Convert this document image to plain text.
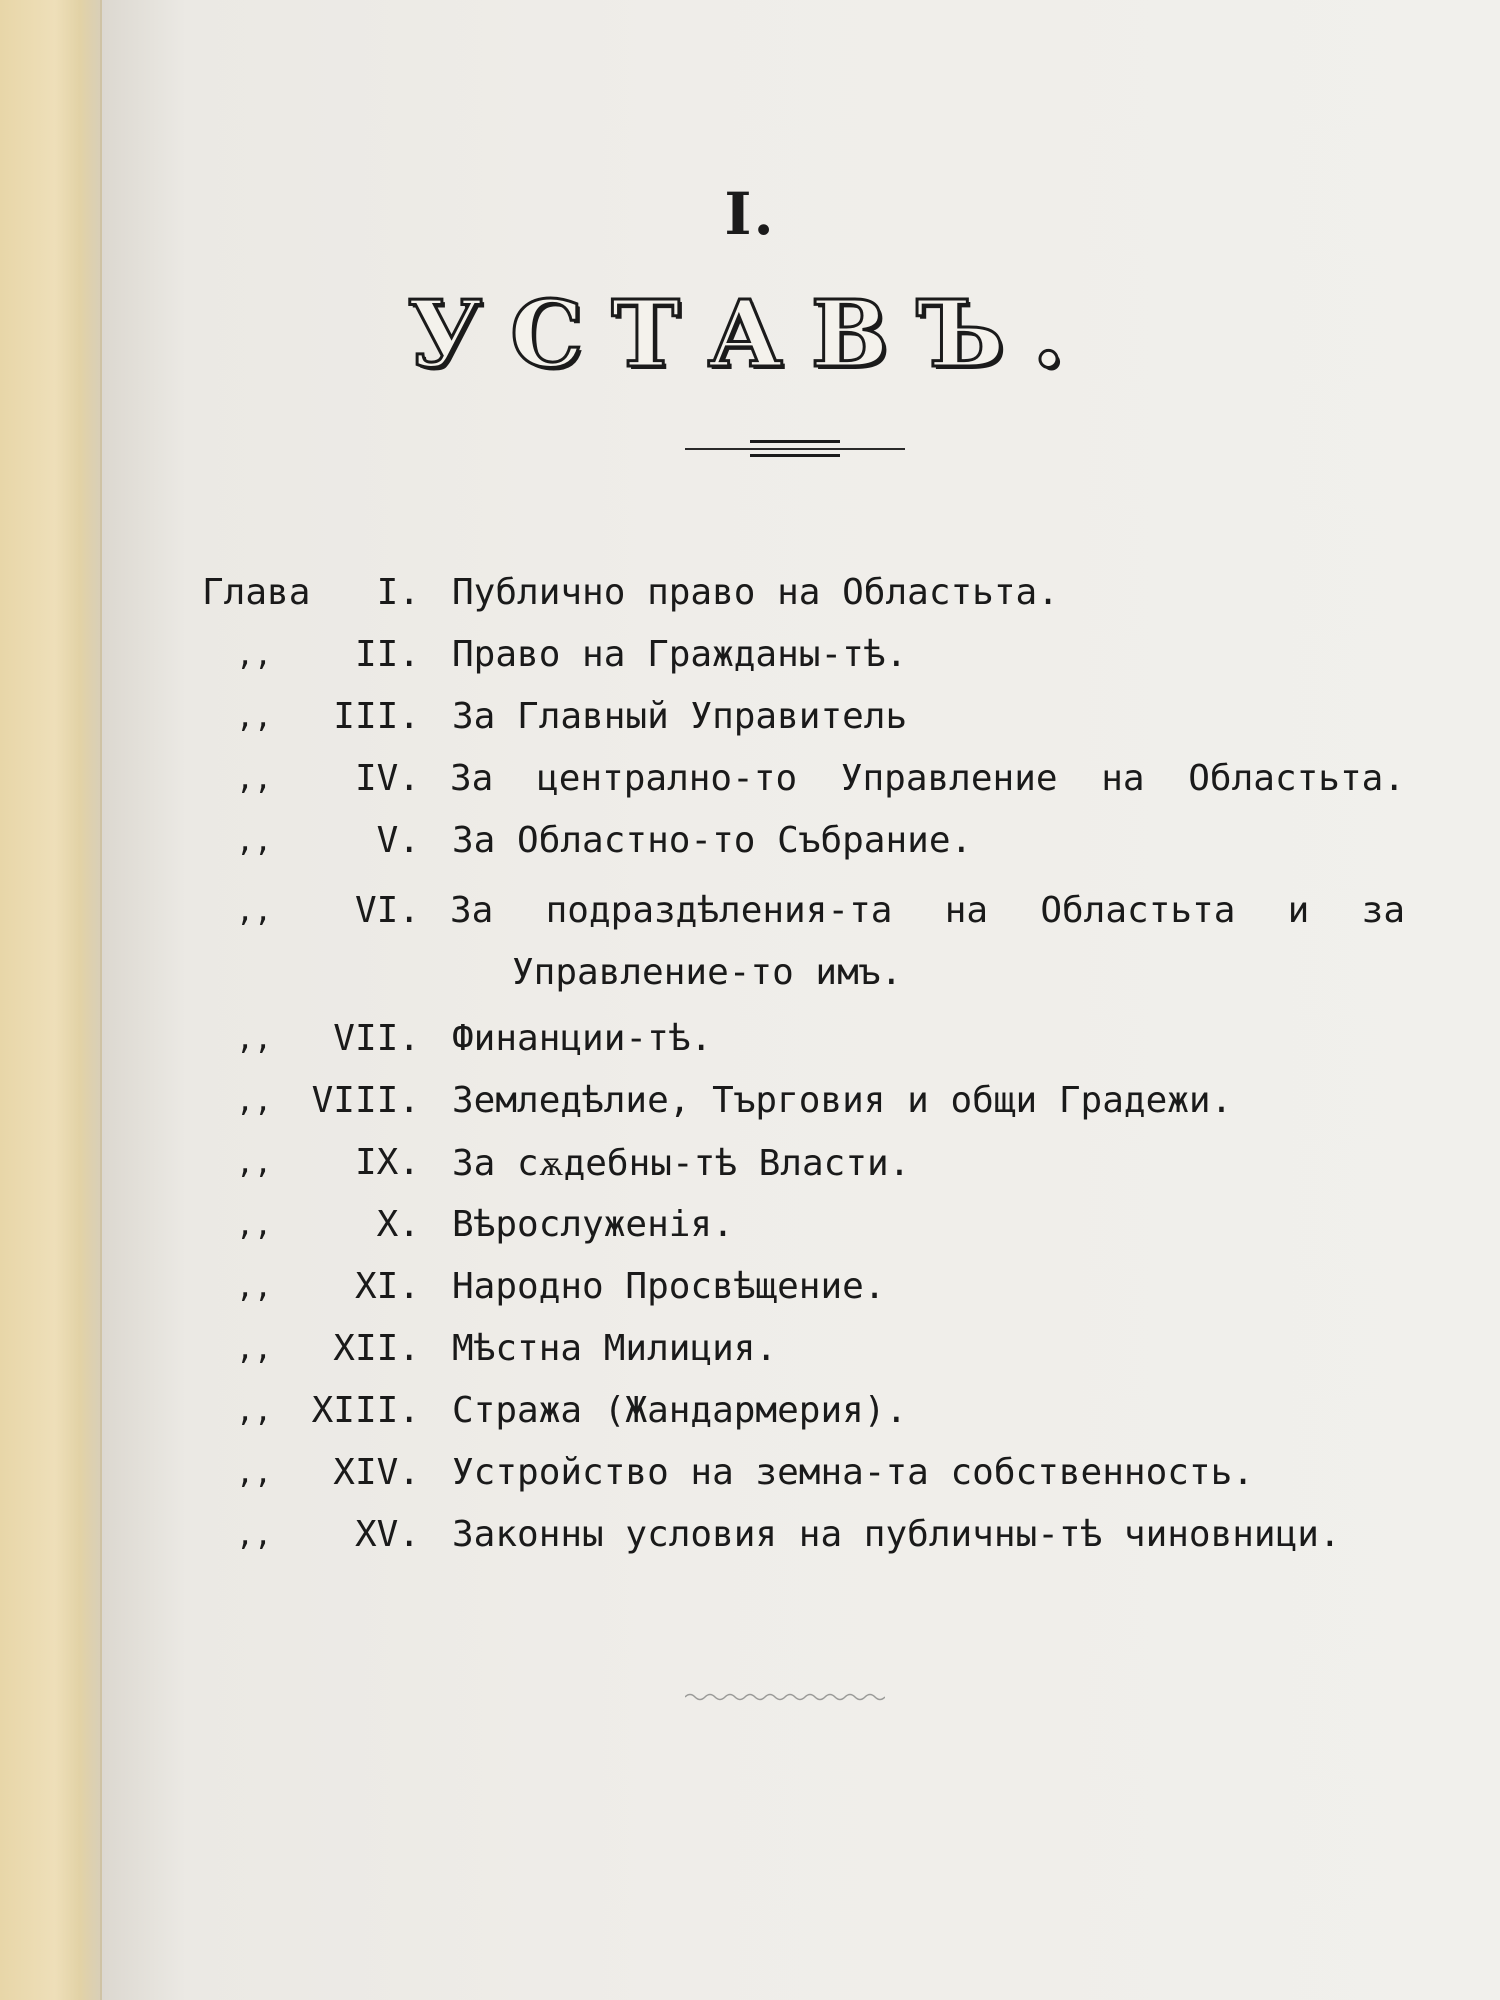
I.
УСТАВЪ.
Глава	I. Публично право на Областьта.
,,	II. Право на Гражданы-тѣ.
,,	III. За Главный Управитель
,,	IV. За централно-то Управление на Областьта.
,,	V. За Областно-то Събрание.
,,	VI. За подраздѣления-та на Областьта и за
Управление-то имъ.
,,	VII. Финанции-тѣ.
,,	VIII. Земледѣлие, Търговия и общи Градежи.
,,	IX. За сѫдебны-тѣ Власти.
,,	X. Вѣрослуженія.
,,	XI. Народно Просвѣщение.
,,	XII. Мѣстна Милиция.
,,	XIII. Стража (Жандармерия).
,,	XIV. Устройство на земна-та собственность.
,,	XV. Законны условия на публичны-тѣ чиновници.
